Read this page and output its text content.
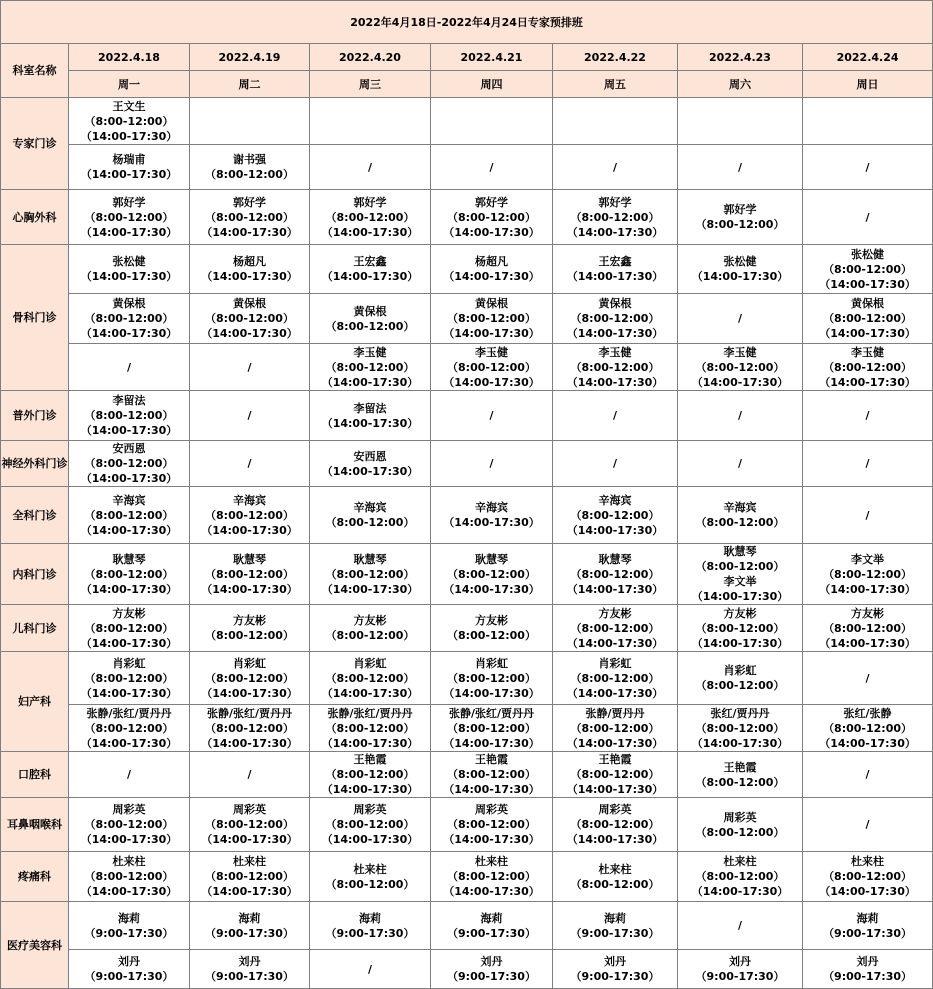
2022年4月18日-2022年4月24日专家预排班							
科室名称	2022.4.18	2022.4.19	2022.4.20	2022.4.21	2022.4.22	2022.4.23	2022.4.24
	周一	周二	周三	周四	周五	周六	周日
专家门诊	王文生
（8:00-12:00）
（14:00-17:30）						

	杨瑞甫
（14:00-17:30）	谢书强
（8:00-12:00）	/	/	/	/	/

心胸外科	郭好学
（8:00-12:00）
（14:00-17:30）	郭好学
（8:00-12:00）
（14:00-17:30）	郭好学
（8:00-12:00）
（14:00-17:30）	郭好学
（8:00-12:00）
（14:00-17:30）	郭好学
（8:00-12:00）
（14:00-17:30）	郭好学
（8:00-12:00）	/

骨科门诊	张松健
（14:00-17:30）	杨超凡
（14:00-17:30）	王宏鑫
（14:00-17:30）	杨超凡
（14:00-17:30）	王宏鑫
（14:00-17:30）	张松健
（14:00-17:30）	张松健
（8:00-12:00）
（14:00-17:30）

	黄保根
（8:00-12:00）
（14:00-17:30）	黄保根
（8:00-12:00）
（14:00-17:30）	黄保根
（8:00-12:00）	黄保根
（8:00-12:00）
（14:00-17:30）	黄保根
（8:00-12:00）
（14:00-17:30）	/	黄保根
（8:00-12:00）
（14:00-17:30）

	/	/	李玉健
（8:00-12:00）
（14:00-17:30）	李玉健
（8:00-12:00）
（14:00-17:30）	李玉健
（8:00-12:00）
（14:00-17:30）	李玉健
（8:00-12:00）
（14:00-17:30）	李玉健
（8:00-12:00）
（14:00-17:30）

普外门诊	李留法
（8:00-12:00）
（14:00-17:30）	/	李留法
（14:00-17:30）	/	/	/	/

神经外科门诊	安西恩
（8:00-12:00）
（14:00-17:30）	/	安西恩
（14:00-17:30）	/	/	/	/

全科门诊	辛海宾
（8:00-12:00）
（14:00-17:30）	辛海宾
（8:00-12:00）
（14:00-17:30）	辛海宾
（8:00-12:00）	辛海宾
（14:00-17:30）	辛海宾
（8:00-12:00）
（14:00-17:30）	辛海宾
（8:00-12:00）	/

内科门诊	耿慧琴
（8:00-12:00）
（14:00-17:30）	耿慧琴
（8:00-12:00）
（14:00-17:30）	耿慧琴
（8:00-12:00）
（14:00-17:30）	耿慧琴
（8:00-12:00）
（14:00-17:30）	耿慧琴
（8:00-12:00）
（14:00-17:30）	耿慧琴
（8:00-12:00）
李文举
（14:00-17:30）	李文举
（8:00-12:00）
（14:00-17:30）

儿科门诊	方友彬
（8:00-12:00）
（14:00-17:30）	方友彬
（8:00-12:00）	方友彬
（8:00-12:00）	方友彬
（8:00-12:00）	方友彬
（8:00-12:00）
（14:00-17:30）	方友彬
（8:00-12:00）
（14:00-17:30）	方友彬
（8:00-12:00）
（14:00-17:30）

妇产科	肖彩虹
（8:00-12:00）
（14:00-17:30）	肖彩虹
（8:00-12:00）
（14:00-17:30）	肖彩虹
（8:00-12:00）
（14:00-17:30）	肖彩虹
（8:00-12:00）
（14:00-17:30）	肖彩虹
（8:00-12:00）
（14:00-17:30）	肖彩虹
（8:00-12:00）	/

	张静/张红/贾丹丹
（8:00-12:00）
（14:00-17:30）	张静/张红/贾丹丹
（8:00-12:00）
（14:00-17:30）	张静/张红/贾丹丹
（8:00-12:00）
（14:00-17:30）	张静/张红/贾丹丹
（8:00-12:00）
（14:00-17:30）	张静/贾丹丹
（8:00-12:00）
（14:00-17:30）	张红/贾丹丹
（8:00-12:00）
（14:00-17:30）	张红/张静
（8:00-12:00）
（14:00-17:30）

口腔科	/	/	王艳霞
（8:00-12:00）
（14:00-17:30）	王艳霞
（8:00-12:00）
（14:00-17:30）	王艳霞
（8:00-12:00）
（14:00-17:30）	王艳霞
（8:00-12:00）	/

耳鼻咽喉科	周彩英
（8:00-12:00）
（14:00-17:30）	周彩英
（8:00-12:00）
（14:00-17:30）	周彩英
（8:00-12:00）
（14:00-17:30）	周彩英
（8:00-12:00）
（14:00-17:30）	周彩英
（8:00-12:00）
（14:00-17:30）	周彩英
（8:00-12:00）	/

疼痛科	杜来柱
（8:00-12:00）
（14:00-17:30）	杜来柱
（8:00-12:00）
（14:00-17:30）	杜来柱
（8:00-12:00）	杜来柱
（8:00-12:00）
（14:00-17:30）	杜来柱
（8:00-12:00）	杜来柱
（8:00-12:00）
（14:00-17:30）	杜来柱
（8:00-12:00）
（14:00-17:30）

医疗美容科	海莉
（9:00-17:30）	海莉
（9:00-17:30）	海莉
（9:00-17:30）	海莉
（9:00-17:30）	海莉
（9:00-17:30）	/	海莉
（9:00-17:30）

	刘丹
（9:00-17:30）	刘丹
（9:00-17:30）	/	刘丹
（9:00-17:30）	刘丹
（9:00-17:30）	刘丹
（9:00-17:30）	刘丹
（9:00-17:30）
